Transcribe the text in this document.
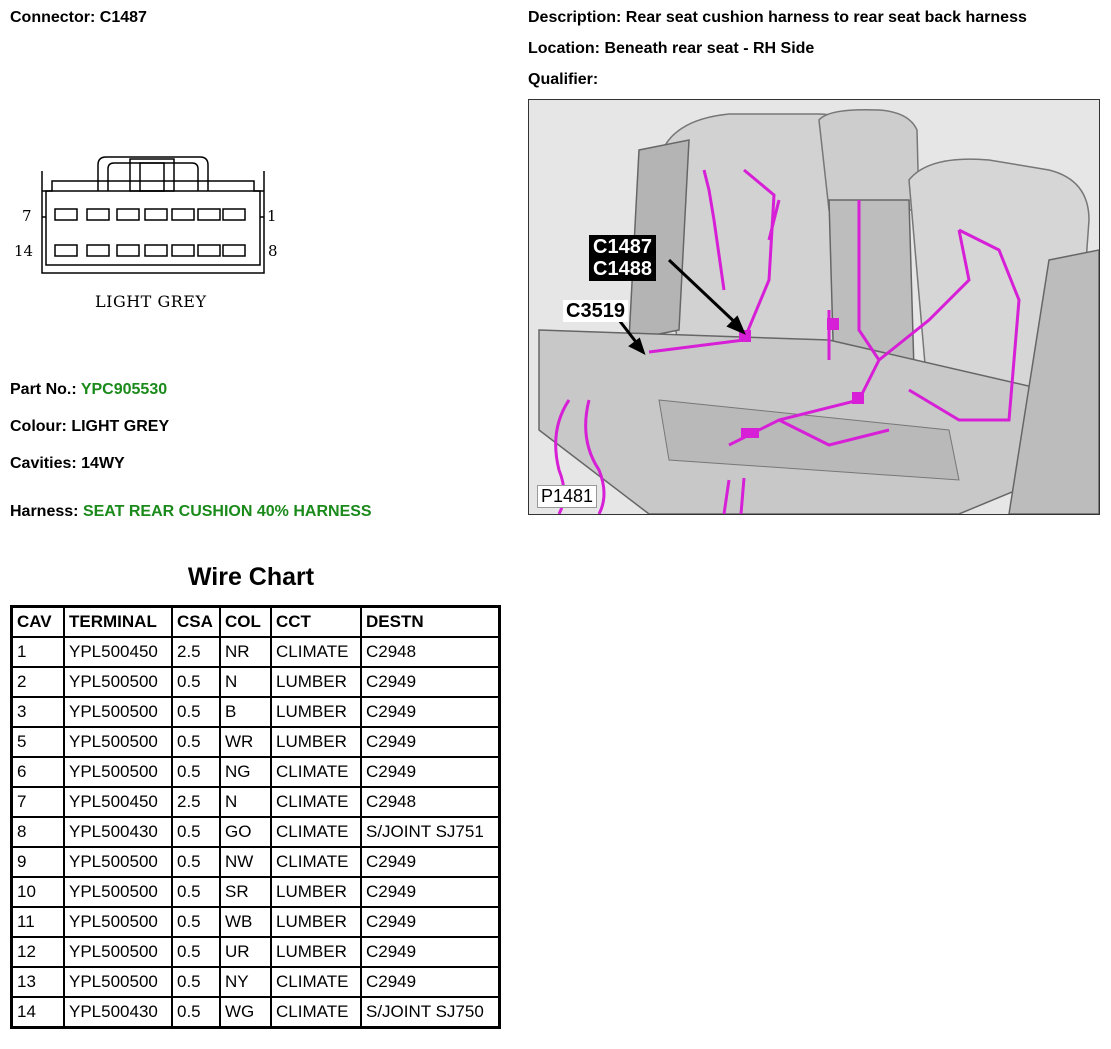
Connector: C1487	Description: Rear seat cushion harness to rear seat back harness
Location: Beneath rear seat - RH Side
Qualifier:
7	1
14	8
LIGHT GREY
Part No.: YPC905530
Colour: LIGHT GREY
Cavities: 14WY
Harness: SEAT REAR CUSHION 40% HARNESS
C1487
C1488
C3519
P1481
Wire Chart
CAV	TERMINAL	CSA	COL	CCT	DESTN
1	YPL500450	2.5	NR	CLIMATE	C2948
2	YPL500500	0.5	N	LUMBER	C2949
3	YPL500500	0.5	B	LUMBER	C2949
5	YPL500500	0.5	WR	LUMBER	C2949
6	YPL500500	0.5	NG	CLIMATE	C2949
7	YPL500450	2.5	N	CLIMATE	C2948
8	YPL500430	0.5	GO	CLIMATE	S/JOINT SJ751
9	YPL500500	0.5	NW	CLIMATE	C2949
10	YPL500500	0.5	SR	LUMBER	C2949
11	YPL500500	0.5	WB	LUMBER	C2949
12	YPL500500	0.5	UR	LUMBER	C2949
13	YPL500500	0.5	NY	CLIMATE	C2949
14	YPL500430	0.5	WG	CLIMATE	S/JOINT SJ750
